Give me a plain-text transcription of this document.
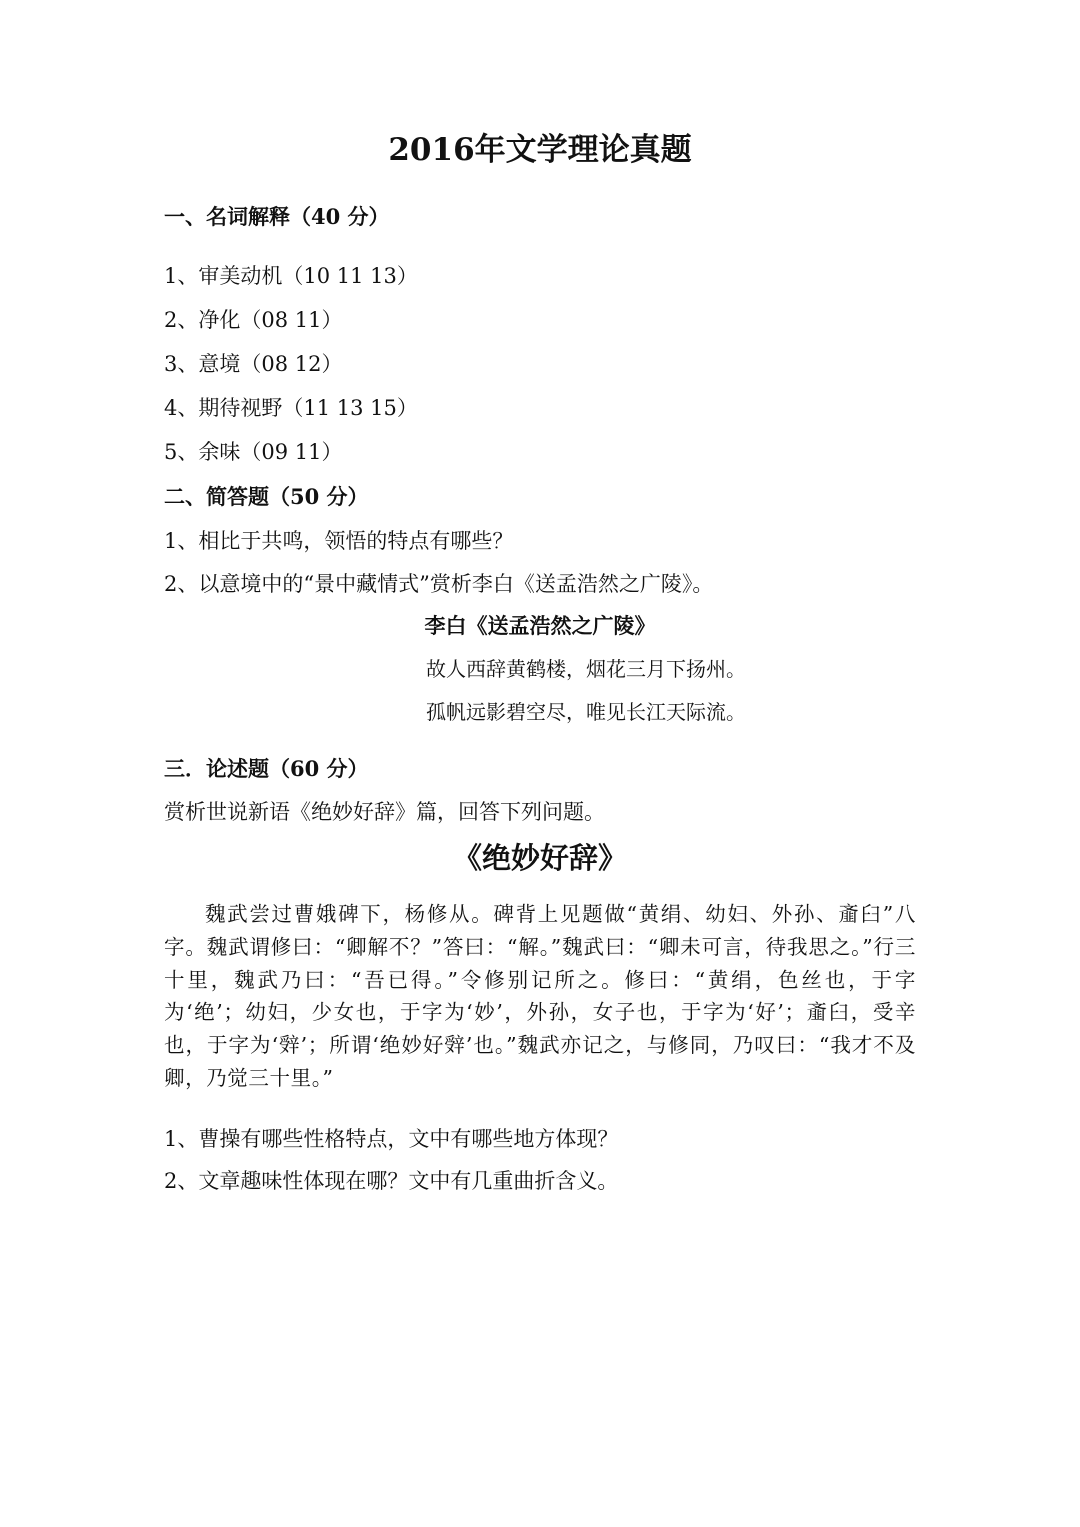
2016年文学理论真题
一、名词解释（40 分）
1、审美动机（10 11 13）
2、净化（08 11）
3、意境（08 12）
4、期待视野（11 13 15）
5、余味（09 11）
二、简答题（50 分）
1、相比于共鸣，领悟的特点有哪些？
2、以意境中的“景中藏情式”赏析李白《送孟浩然之广陵》。
李白《送孟浩然之广陵》
故人西辞黄鹤楼，烟花三月下扬州。
孤帆远影碧空尽，唯见长江天际流。
三．论述题（60 分）
赏析世说新语《绝妙好辞》篇，回答下列问题。
《绝妙好辞》
魏武尝过曹娥碑下，杨修从。碑背上见题做“黄绢、幼妇、外孙、齑臼”八字。魏武谓修曰：“卿解不？”答曰：“解。”魏武曰：“卿未可言，待我思之。”行三十里，魏武乃曰：“吾已得。”令修别记所之。修曰：“黄绢，色丝也，于字为‘绝’；幼妇，少女也，于字为‘妙’，外孙，女子也，于字为‘好’；齑臼，受辛也，于字为‘辤’；所谓‘绝妙好辤’也。”魏武亦记之，与修同，乃叹曰：“我才不及卿，乃觉三十里。”
1、曹操有哪些性格特点，文中有哪些地方体现？
2、文章趣味性体现在哪？文中有几重曲折含义。
